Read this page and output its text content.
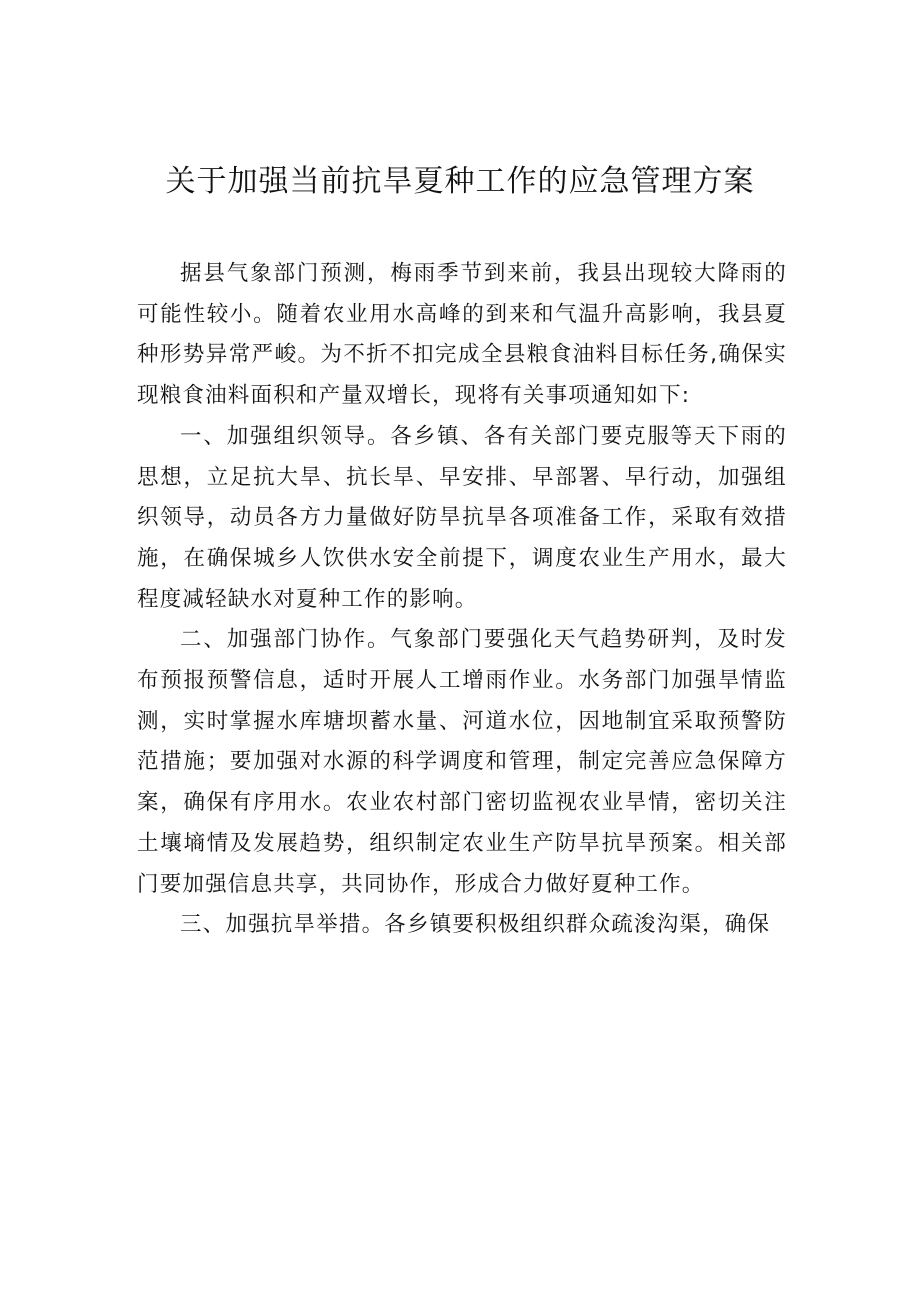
关于加强当前抗旱夏种工作的应急管理方案

据县气象部门预测，梅雨季节到来前，我县出现较大降雨的可能性较小。随着农业用水高峰的到来和气温升高影响，我县夏种形势异常严峻。为不折不扣完成全县粮食油料目标任务,确保实现粮食油料面积和产量双增长，现将有关事项通知如下:

一、加强组织领导。各乡镇、各有关部门要克服等天下雨的思想，立足抗大旱、抗长旱、早安排、早部署、早行动，加强组织领导，动员各方力量做好防旱抗旱各项准备工作，采取有效措施，在确保城乡人饮供水安全前提下，调度农业生产用水，最大程度减轻缺水对夏种工作的影响。

二、加强部门协作。气象部门要强化天气趋势研判，及时发布预报预警信息，适时开展人工增雨作业。水务部门加强旱情监测，实时掌握水库塘坝蓄水量、河道水位，因地制宜采取预警防范措施；要加强对水源的科学调度和管理，制定完善应急保障方案，确保有序用水。农业农村部门密切监视农业旱情，密切关注土壤墒情及发展趋势，组织制定农业生产防旱抗旱预案。相关部门要加强信息共享，共同协作，形成合力做好夏种工作。

三、加强抗旱举措。各乡镇要积极组织群众疏浚沟渠，确保
